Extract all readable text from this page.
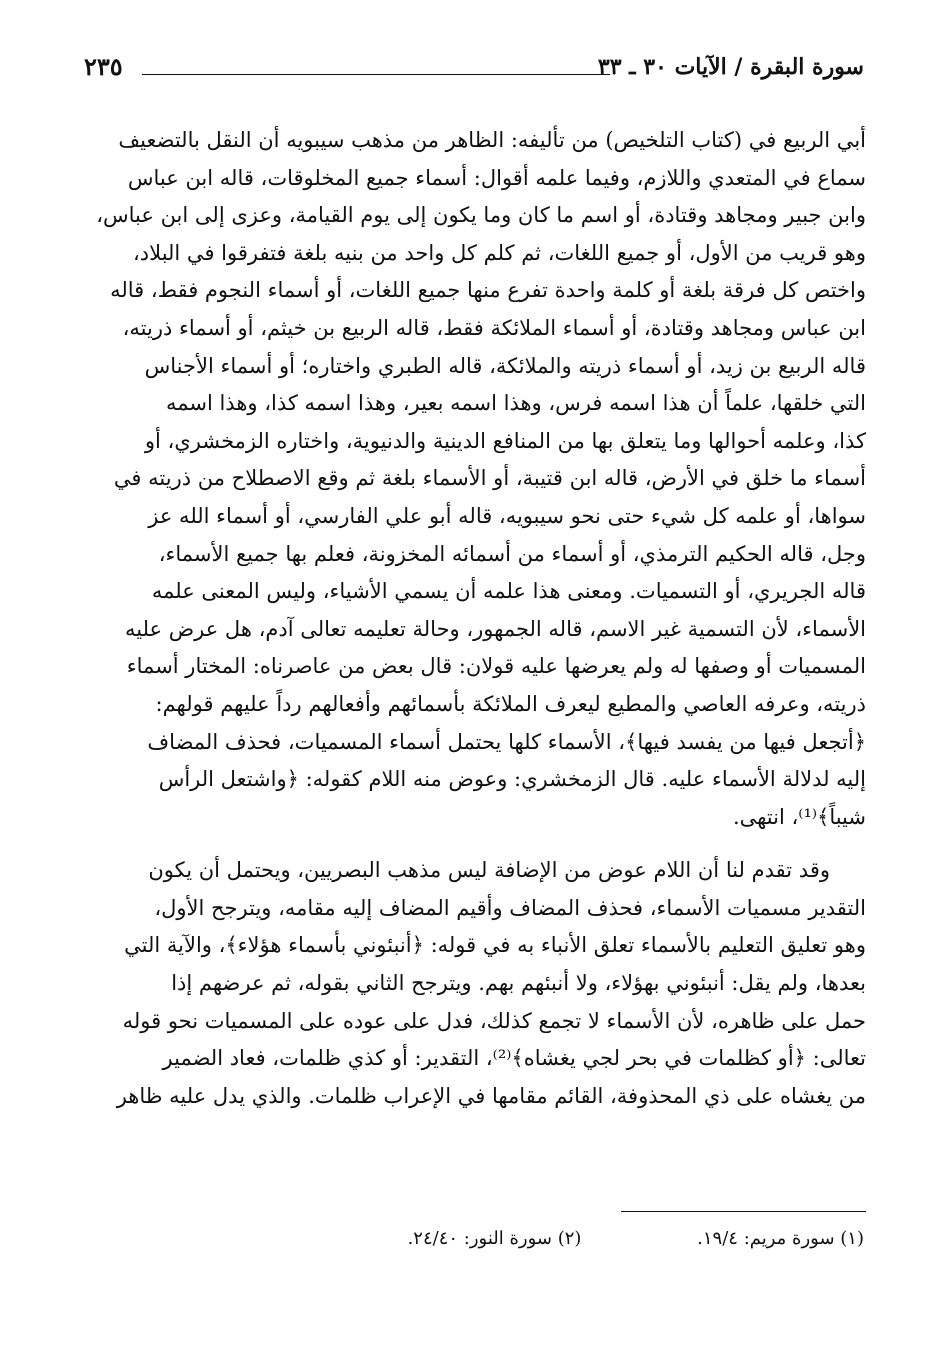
سورة البقرة / الآيات ٣٠ ـ ٣٣
٢٣٥
أبي الربيع في (كتاب التلخيص) من تأليفه: الظاهر من مذهب سيبويه أن النقل بالتضعيف
سماع في المتعدي واللازم، وفيما علمه أقوال: أسماء جميع المخلوقات، قاله ابن عباس
وابن جبير ومجاهد وقتادة، أو اسم ما كان وما يكون إلى يوم القيامة، وعزى إلى ابن عباس،
وهو قريب من الأول، أو جميع اللغات، ثم كلم كل واحد من بنيه بلغة فتفرقوا في البلاد،
واختص كل فرقة بلغة أو كلمة واحدة تفرع منها جميع اللغات، أو أسماء النجوم فقط، قاله
ابن عباس ومجاهد وقتادة، أو أسماء الملائكة فقط، قاله الربيع بن خيثم، أو أسماء ذريته،
قاله الربيع بن زيد، أو أسماء ذريته والملائكة، قاله الطبري واختاره؛ أو أسماء الأجناس
التي خلقها، علماً أن هذا اسمه فرس، وهذا اسمه بعير، وهذا اسمه كذا، وهذا اسمه
كذا، وعلمه أحوالها وما يتعلق بها من المنافع الدينية والدنيوية، واختاره الزمخشري، أو
أسماء ما خلق في الأرض، قاله ابن قتيبة، أو الأسماء بلغة ثم وقع الاصطلاح من ذريته في
سواها، أو علمه كل شيء حتى نحو سيبويه، قاله أبو علي الفارسي، أو أسماء الله عز
وجل، قاله الحكيم الترمذي، أو أسماء من أسمائه المخزونة، فعلم بها جميع الأسماء،
قاله الجريري، أو التسميات. ومعنى هذا علمه أن يسمي الأشياء، وليس المعنى علمه
الأسماء، لأن التسمية غير الاسم، قاله الجمهور، وحالة تعليمه تعالى آدم، هل عرض عليه
المسميات أو وصفها له ولم يعرضها عليه قولان: قال بعض من عاصرناه: المختار أسماء
ذريته، وعرفه العاصي والمطيع ليعرف الملائكة بأسمائهم وأفعالهم رداً عليهم قولهم:
﴿أتجعل فيها من يفسد فيها﴾، الأسماء كلها يحتمل أسماء المسميات، فحذف المضاف
إليه لدلالة الأسماء عليه. قال الزمخشري: وعوض منه اللام كقوله: ﴿واشتعل الرأس
شيباً﴾⁽¹⁾، انتهى.
وقد تقدم لنا أن اللام عوض من الإضافة ليس مذهب البصريين، ويحتمل أن يكون
التقدير مسميات الأسماء، فحذف المضاف وأقيم المضاف إليه مقامه، ويترجح الأول،
وهو تعليق التعليم بالأسماء تعلق الأنباء به في قوله: ﴿أنبئوني بأسماء هؤلاء﴾، والآية التي
بعدها، ولم يقل: أنبئوني بهؤلاء، ولا أنبئهم بهم. ويترجح الثاني بقوله، ثم عرضهم إذا
حمل على ظاهره، لأن الأسماء لا تجمع كذلك، فدل على عوده على المسميات نحو قوله
تعالى: ﴿أو كظلمات في بحر لجي يغشاه﴾⁽²⁾، التقدير: أو كذي ظلمات، فعاد الضمير
من يغشاه على ذي المحذوفة، القائم مقامها في الإعراب ظلمات. والذي يدل عليه ظاهر
(١) سورة مريم: ١٩/٤. (٢) سورة النور: ٢٤/٤٠.
